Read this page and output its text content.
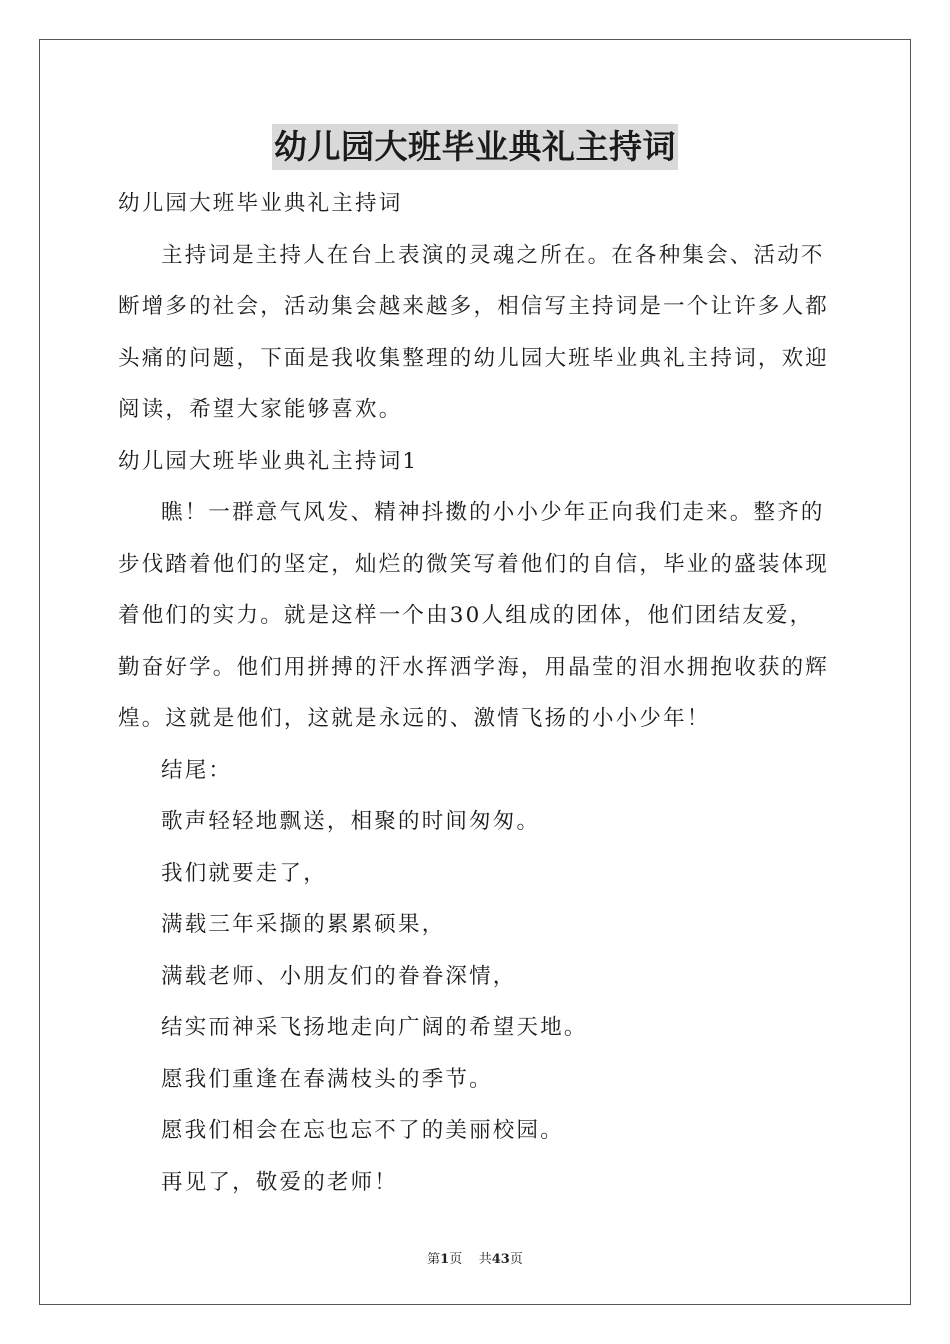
幼儿园大班毕业典礼主持词

幼儿园大班毕业典礼主持词

主持词是主持人在台上表演的灵魂之所在。在各种集会、活动不断增多的社会，活动集会越来越多，相信写主持词是一个让许多人都头痛的问题，下面是我收集整理的幼儿园大班毕业典礼主持词，欢迎阅读，希望大家能够喜欢。

幼儿园大班毕业典礼主持词1

瞧！一群意气风发、精神抖擞的小小少年正向我们走来。整齐的步伐踏着他们的坚定，灿烂的微笑写着他们的自信，毕业的盛装体现着他们的实力。就是这样一个由30人组成的团体，他们团结友爱，勤奋好学。他们用拼搏的汗水挥洒学海，用晶莹的泪水拥抱收获的辉煌。这就是他们，这就是永远的、激情飞扬的小小少年！

结尾：

歌声轻轻地飘送，相聚的时间匆匆。

我们就要走了，

满载三年采撷的累累硕果，

满载老师、小朋友们的眷眷深情，

结实而神采飞扬地走向广阔的希望天地。

愿我们重逢在春满枝头的季节。

愿我们相会在忘也忘不了的美丽校园。

再见了，敬爱的老师！

第1页 共43页
